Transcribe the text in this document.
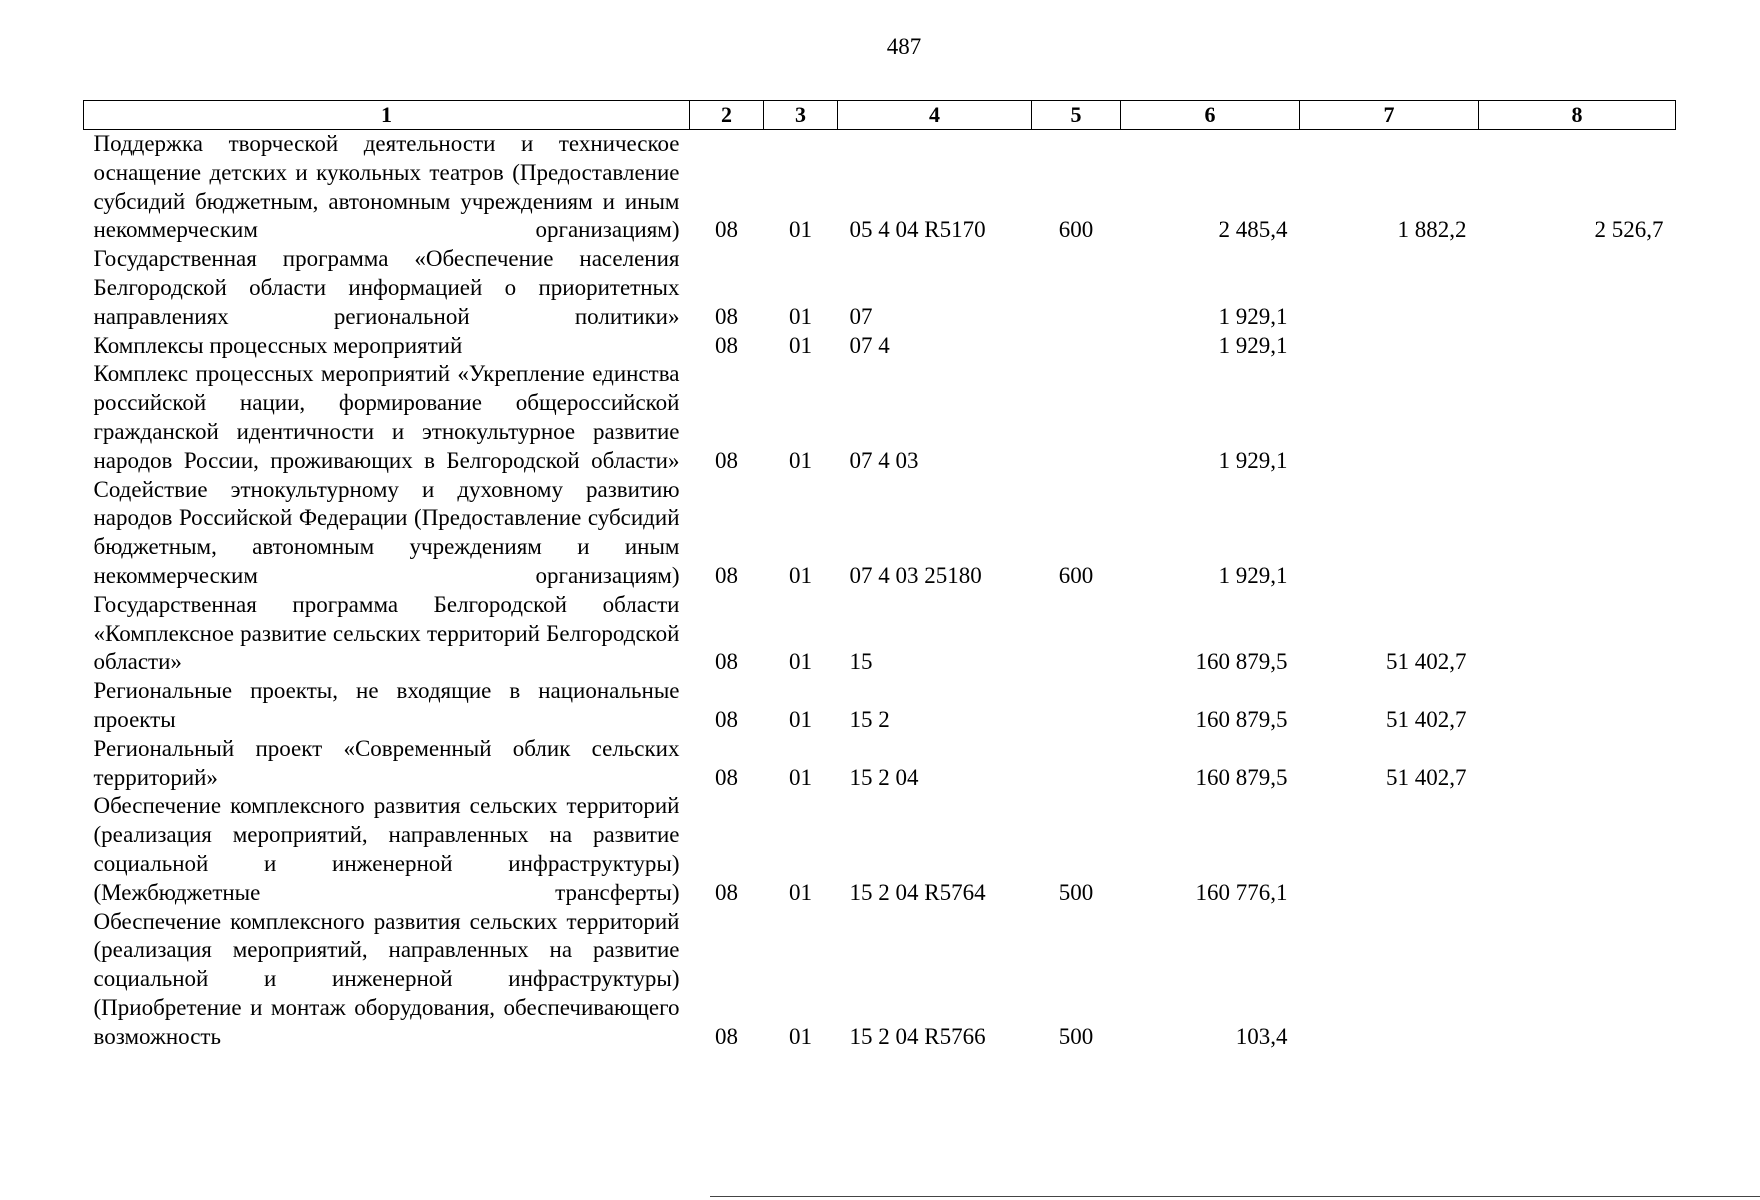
487
1	2	3	4	5	6	7	8
Поддержка творческой деятельности и техническое оснащение детских и кукольных театров (Предоставление субсидий бюджетным, автономным учреждениям и иным некоммерческим организациям)	08	01	05 4 04 R5170	600	2 485,4	1 882,2	2 526,7
Государственная программа «Обеспечение населения Белгородской области информацией о приоритетных направлениях региональной политики»	08	01	07		1 929,1		
Комплексы процессных мероприятий	08	01	07 4		1 929,1		
Комплекс процессных мероприятий «Укрепление единства российской нации, формирование общероссийской гражданской идентичности и этнокультурное развитие народов России, проживающих в Белгородской области»	08	01	07 4 03		1 929,1		
Содействие этнокультурному и духовному развитию народов Российской Федерации (Предоставление субсидий бюджетным, автономным учреждениям и иным некоммерческим организациям)	08	01	07 4 03 25180	600	1 929,1		
Государственная программа Белгородской области «Комплексное развитие сельских территорий Белгородской области»	08	01	15		160 879,5	51 402,7	
Региональные проекты, не входящие в национальные проекты	08	01	15 2		160 879,5	51 402,7	
Региональный проект «Современный облик сельских территорий»	08	01	15 2 04		160 879,5	51 402,7	
Обеспечение комплексного развития сельских территорий (реализация мероприятий, направленных на развитие социальной и инженерной инфраструктуры) (Межбюджетные трансферты)	08	01	15 2 04 R5764	500	160 776,1		
Обеспечение комплексного развития сельских территорий (реализация мероприятий, направленных на развитие социальной и инженерной инфраструктуры) (Приобретение и монтаж оборудования, обеспечивающего возможность	08	01	15 2 04 R5766	500	103,4		
